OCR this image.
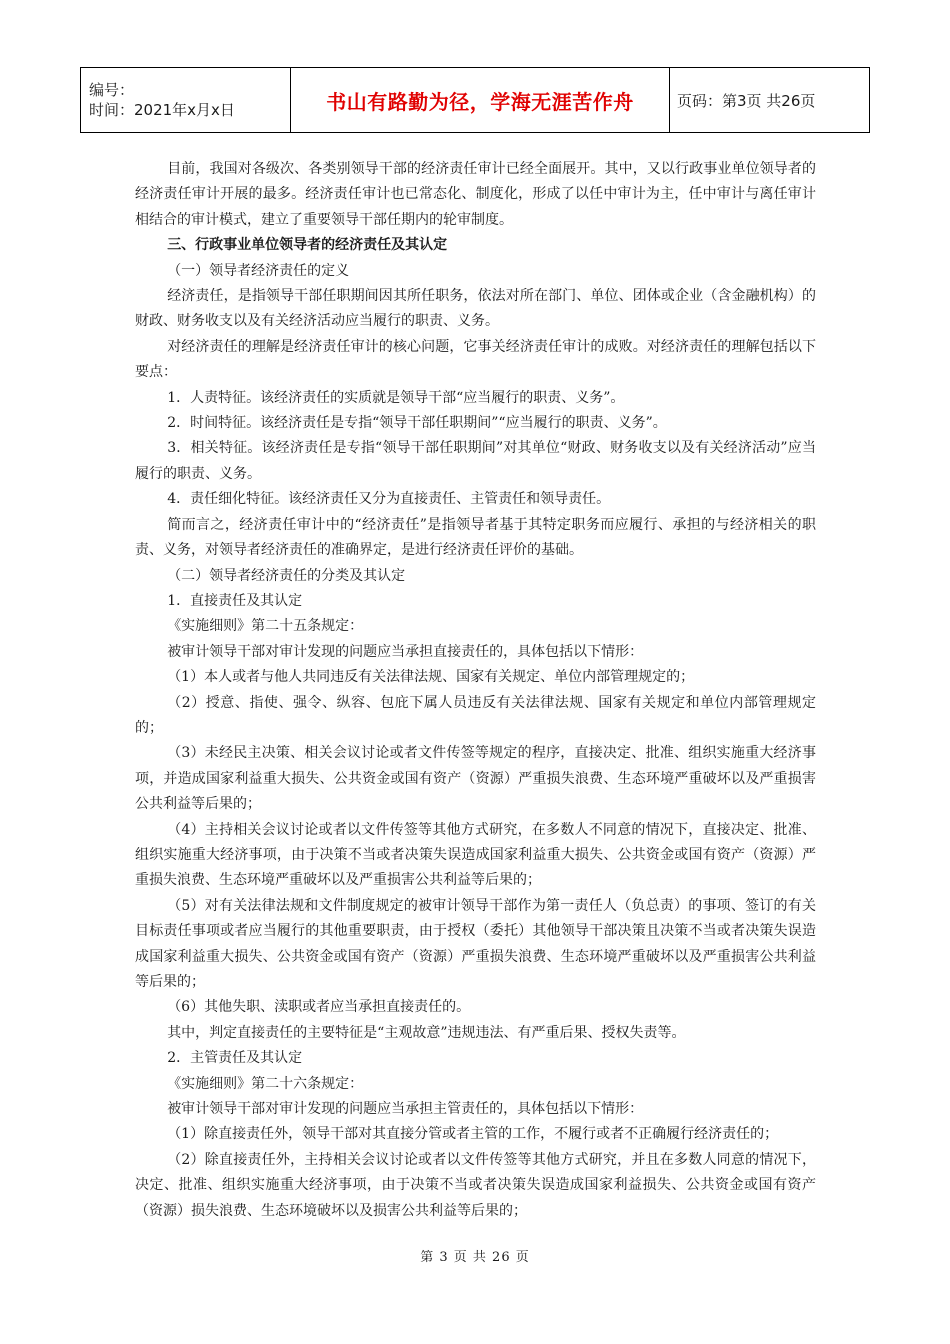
编号：
时间：2021年x月x日	书山有路勤为径，学海无涯苦作舟	页码：第3页 共26页

目前，我国对各级次、各类别领导干部的经济责任审计已经全面展开。其中，又以行政事业单位领导者的经济责任审计开展的最多。经济责任审计也已常态化、制度化，形成了以任中审计为主，任中审计与离任审计相结合的审计模式，建立了重要领导干部任期内的轮审制度。

三、行政事业单位领导者的经济责任及其认定

（一）领导者经济责任的定义

经济责任，是指领导干部任职期间因其所任职务，依法对所在部门、单位、团体或企业（含金融机构）的财政、财务收支以及有关经济活动应当履行的职责、义务。

对经济责任的理解是经济责任审计的核心问题，它事关经济责任审计的成败。对经济责任的理解包括以下要点：

1．人责特征。该经济责任的实质就是领导干部“应当履行的职责、义务”。

2．时间特征。该经济责任是专指“领导干部任职期间”“应当履行的职责、义务”。

3．相关特征。该经济责任是专指“领导干部任职期间”对其单位“财政、财务收支以及有关经济活动”应当履行的职责、义务。

4．责任细化特征。该经济责任又分为直接责任、主管责任和领导责任。

简而言之，经济责任审计中的“经济责任”是指领导者基于其特定职务而应履行、承担的与经济相关的职责、义务，对领导者经济责任的准确界定，是进行经济责任评价的基础。

（二）领导者经济责任的分类及其认定

1．直接责任及其认定

《实施细则》第二十五条规定：

被审计领导干部对审计发现的问题应当承担直接责任的，具体包括以下情形：

（1）本人或者与他人共同违反有关法律法规、国家有关规定、单位内部管理规定的；

（2）授意、指使、强令、纵容、包庇下属人员违反有关法律法规、国家有关规定和单位内部管理规定的；

（3）未经民主决策、相关会议讨论或者文件传签等规定的程序，直接决定、批准、组织实施重大经济事项，并造成国家利益重大损失、公共资金或国有资产（资源）严重损失浪费、生态环境严重破坏以及严重损害公共利益等后果的；

（4）主持相关会议讨论或者以文件传签等其他方式研究，在多数人不同意的情况下，直接决定、批准、组织实施重大经济事项，由于决策不当或者决策失误造成国家利益重大损失、公共资金或国有资产（资源）严重损失浪费、生态环境严重破坏以及严重损害公共利益等后果的；

（5）对有关法律法规和文件制度规定的被审计领导干部作为第一责任人（负总责）的事项、签订的有关目标责任事项或者应当履行的其他重要职责，由于授权（委托）其他领导干部决策且决策不当或者决策失误造成国家利益重大损失、公共资金或国有资产（资源）严重损失浪费、生态环境严重破坏以及严重损害公共利益等后果的；

（6）其他失职、渎职或者应当承担直接责任的。

其中，判定直接责任的主要特征是“主观故意”违规违法、有严重后果、授权失责等。

2．主管责任及其认定

《实施细则》第二十六条规定：

被审计领导干部对审计发现的问题应当承担主管责任的，具体包括以下情形：

（1）除直接责任外，领导干部对其直接分管或者主管的工作，不履行或者不正确履行经济责任的；

（2）除直接责任外，主持相关会议讨论或者以文件传签等其他方式研究，并且在多数人同意的情况下，决定、批准、组织实施重大经济事项，由于决策不当或者决策失误造成国家利益损失、公共资金或国有资产（资源）损失浪费、生态环境破坏以及损害公共利益等后果的；

第 3 页 共 26 页
